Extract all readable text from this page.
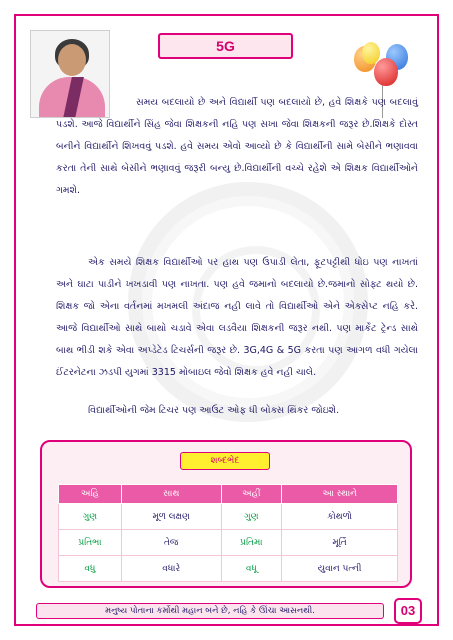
5G
સમય બદલાયો છે અને વિદ્યાર્થી પણ બદલાયો છે, હવે શિક્ષકે પણ બદલાવું પડશે. આજે વિદ્યાર્થીને સિંહ જેવા શિક્ષકની નહિ પણ સખા જેવા શિક્ષકની જરૂર છે.શિક્ષકે દોસ્ત બનીને વિદ્યાર્થીને શિખવવું પડશે. હવે સમય એવો આવ્યો છે કે વિદ્યાર્થીની સામે બેસીને ભણાવવા કરતા તેની સાથે બેસીને ભણાવવું જરૂરી બન્યુ છે.વિદ્યાર્થીની વચ્ચે રહેશે એ શિક્ષક વિદ્યાર્થીઓને ગમશે.
એક સમયે શિક્ષક વિદ્યાર્થીઓ પર હાથ પણ ઉપાડી લેતા, ફૂટપટ્ટીથી ધોઇ પણ નાખતાં અને ઘાટા પાડીને ખખડાવી પણ નાખતા. પણ હવે જમાનો બદલાયો છે.જમાનો સોફ્ટ થયો છે. શિક્ષક જો એના વર્તનમાં મખમલી અંદાજ નહી લાવે તો વિદ્યાર્થીઓ એને એક્સેપ્ટ નહિ કરે. આજે વિદ્યાર્થીઓ સાથે બાથો ચડાવે એવા લડવૈયા શિક્ષકની જરૂર નથી. પણ માર્કેટ ટ્રેન્ડ સાથે બાથ ભીડી શકે એવા અપ્ડેટેડ ટિચર્સની જરૂર છે. 3G,4G & 5G કરતા પણ આગળ વધી ગયેલા ઈંટરનેટના ઝડપી યુગમાં 3315 મોબાઇલ જેવો શિક્ષક હવે નહી ચાલે.
વિદ્યાર્થીઓની જેમ ટિચર પણ આઉટ ઓફ ધી બોક્સ થિંકર જોઇશે.
શબ્દભેદ
અહિ	સાથ	અહીં	આ સ્થાને
ગુણ	મૂળ લક્ષણ	ગુણ	કોથળો
પ્રતિભા	તેજ	પ્રતિમા	મૂર્તિ
વધુ	વધારે	વધૂ	યુવાન પત્ની
મનુષ્ય પોતાના કર્મોથી મહાન બને છે, નહિ કે ઊંચા આસનથી.	03
